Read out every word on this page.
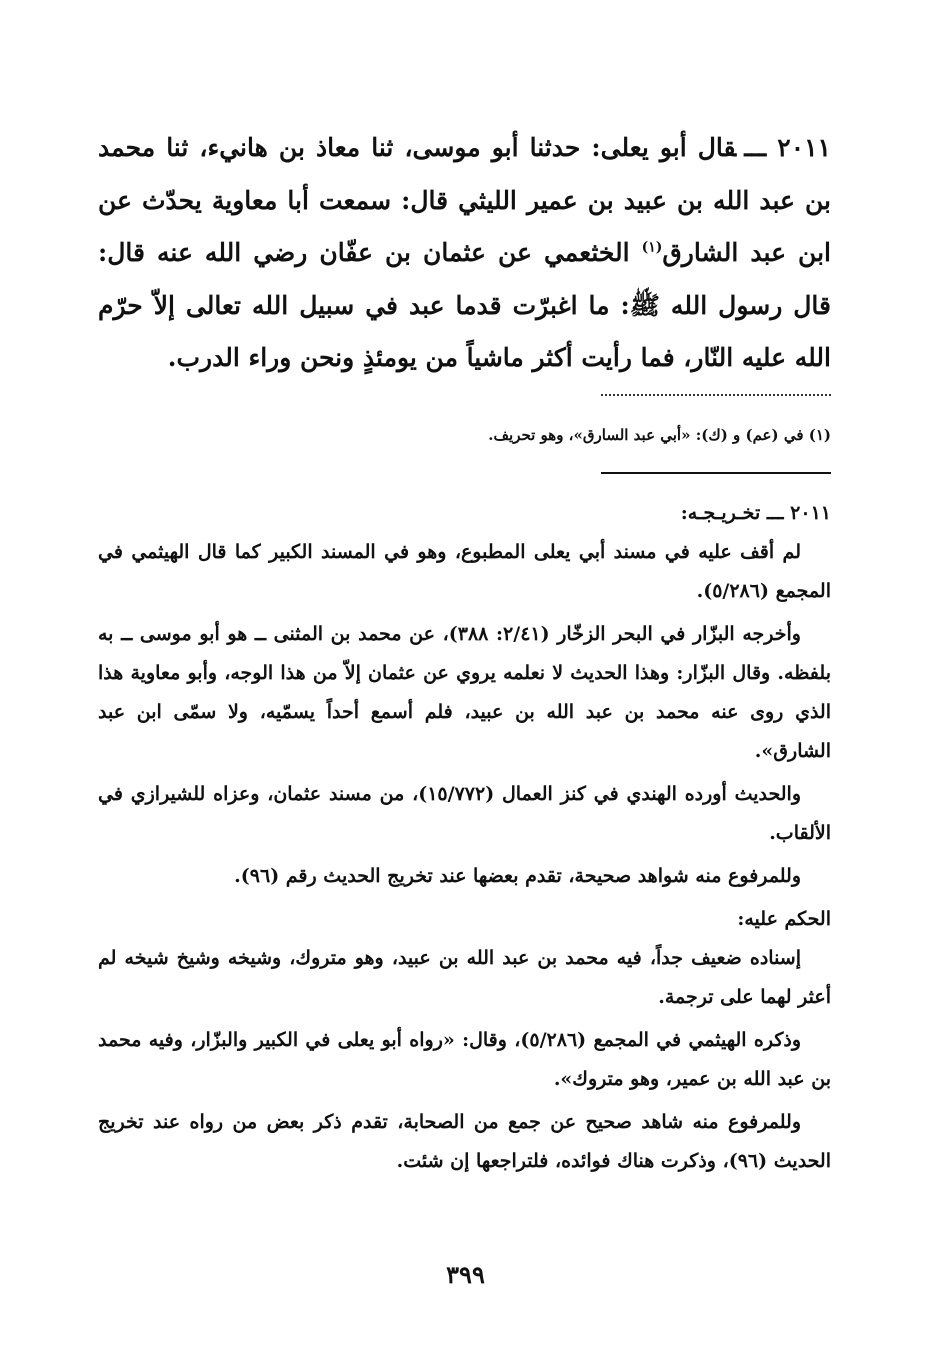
٢٠١١ ـــقال أبو يعلى: حدثنا أبو موسى، ثنا معاذ بن هانيء، ثنا محمد بن عبد الله بن عبيد بن عمير الليثي قال: سمعت أبا معاوية يحدّث عن ابن عبد الشارق$^{(١)}$ الخثعمي عن عثمان بن عفّان رضي الله عنه قال: قال رسول الله ﷺ: ما اغبرّت قدما عبد في سبيل الله تعالى إلاّ حرّم الله عليه النّار، فما رأيت أكثر ماشياً من يومئذٍ ونحن وراء الدرب.

(١) في (عم) و (ك): «أبي عبد السارق»، وهو تحريف.

٢٠١١ ـــ تخـريـجـه:

لم أقف عليه في مسند أبي يعلى المطبوع، وهو في المسند الكبير كما قال الهيثمي في المجمع (٥/٢٨٦).

وأخرجه البزّار في البحر الزخّار (٢/٤١: ٣٨٨)، عن محمد بن المثنى ــ هو أبو موسى ــ به بلفظه. وقال البزّار: وهذا الحديث لا نعلمه يروي عن عثمان إلاّ من هذا الوجه، وأبو معاوية هذا الذي روى عنه محمد بن عبد الله بن عبيد، فلم أسمع أحداً يسمّيه، ولا سمّى ابن عبد الشارق».

والحديث أورده الهندي في كنز العمال (١٥/٧٧٢)، من مسند عثمان، وعزاه للشيرازي في الألقاب.

وللمرفوع منه شواهد صحيحة، تقدم بعضها عند تخريج الحديث رقم (٩٦).

الحكم عليه:

إسناده ضعيف جداً، فيه محمد بن عبد الله بن عبيد، وهو متروك، وشيخه وشيخ شيخه لم أعثر لهما على ترجمة.

وذكره الهيثمي في المجمع (٥/٢٨٦)، وقال: «رواه أبو يعلى في الكبير والبزّار، وفيه محمد بن عبد الله بن عمير، وهو متروك».

وللمرفوع منه شاهد صحيح عن جمع من الصحابة، تقدم ذكر بعض من رواه عند تخريج الحديث (٩٦)، وذكرت هناك فوائده، فلتراجعها إن شئت.

٣٩٩
